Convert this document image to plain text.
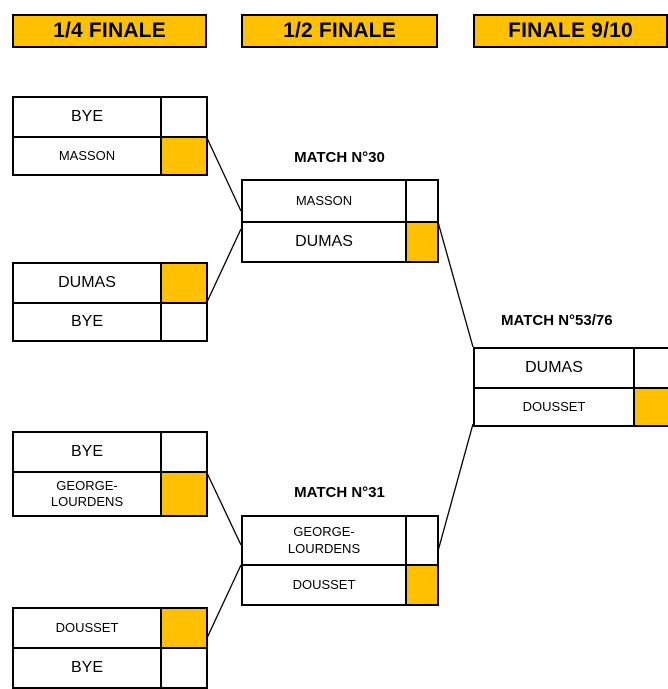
1/4 FINALE	1/2 FINALE	FINALE 9/10
BYE
MASSON
DUMAS
BYE
BYE
GEORGE-LOURDENS
DOUSSET
BYE
MATCH N°30
MASSON
DUMAS
MATCH N°31
GEORGE-LOURDENS
DOUSSET
MATCH N°53/76
DUMAS
DOUSSET
